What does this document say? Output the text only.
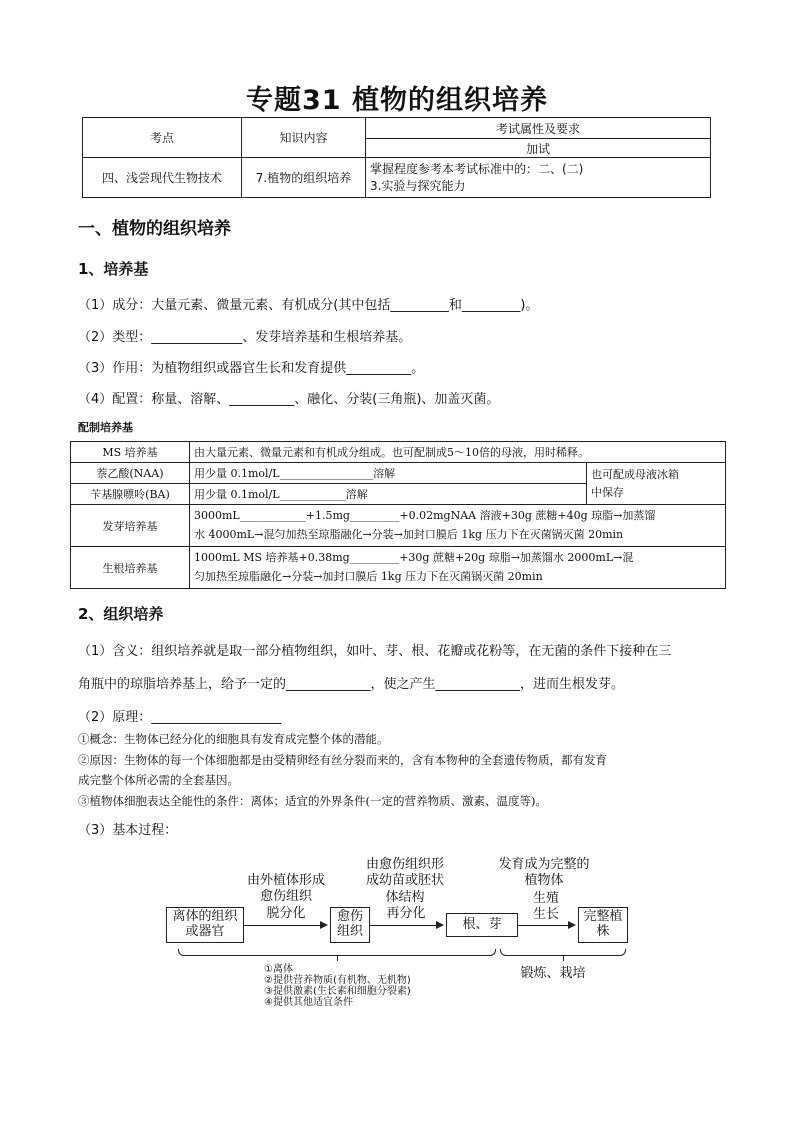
专题31 植物的组织培养
考点	知识内容	考试属性及要求
		加试
四、浅尝现代生物技术	7.植物的组织培养	掌握程度参考本考试标准中的：二、(二)
3.实验与探究能力
一、植物的组织培养
1、培养基
（1）成分：大量元素、微量元素、有机成分(其中包括_________和_________)。
（2）类型：______________、发芽培养基和生根培养基。
（3）作用：为植物组织或器官生长和发育提供__________。
（4）配置：称量、溶解、__________、融化、分装(三角瓶)、加盖灭菌。
配制培养基
MS 培养基	由大量元素、微量元素和有机成分组成。也可配制成5～10倍的母液，用时稀释。	
萘乙酸(NAA)	用少量 0.1mol/L_________________溶解	也可配成母液冰箱
中保存

苄基腺嘌呤(BA)	用少量 0.1mol/L____________溶解	
发芽培养基	3000mL____________+1.5mg_________+0.02mgNAA 溶液+30g 蔗糖+40g 琼脂→加蒸馏
水 4000mL→混匀加热至琼脂融化→分装→加封口膜后 1kg 压力下在灭菌锅灭菌 20min	

生根培养基	1000mL MS 培养基+0.38mg_________+30g 蔗糖+20g 琼脂→加蒸馏水 2000mL→混
匀加热至琼脂融化→分装→加封口膜后 1kg 压力下在灭菌锅灭菌 20min	
2、组织培养
（1）含义：组织培养就是取一部分植物组织，如叶、芽、根、花瓣或花粉等，在无菌的条件下接种在三
角瓶中的琼脂培养基上，给予一定的_____________，使之产生_____________，进而生根发芽。
（2）原理：____________________
①概念：生物体已经分化的细胞具有发育成完整个体的潜能。
②原因：生物体的每一个体细胞都是由受精卵经有丝分裂而来的，含有本物种的全套遗传物质，都有发育
成完整个体所必需的全套基因。
③植物体细胞表达全能性的条件：离体；适宜的外界条件(一定的营养物质、激素、温度等)。
（3）基本过程：
由外植体形成愈伤组织
由愈伤组织形成幼苗或胚状体结构
发育成为完整的植物体
离体的组织或器官
愈伤组织	根、芽	完整植株
脱分化	再分化
生殖
生长
①离体
②提供营养物质(有机物、无机物)
③提供激素(生长素和细胞分裂素)
④提供其他适宜条件
锻炼、栽培
